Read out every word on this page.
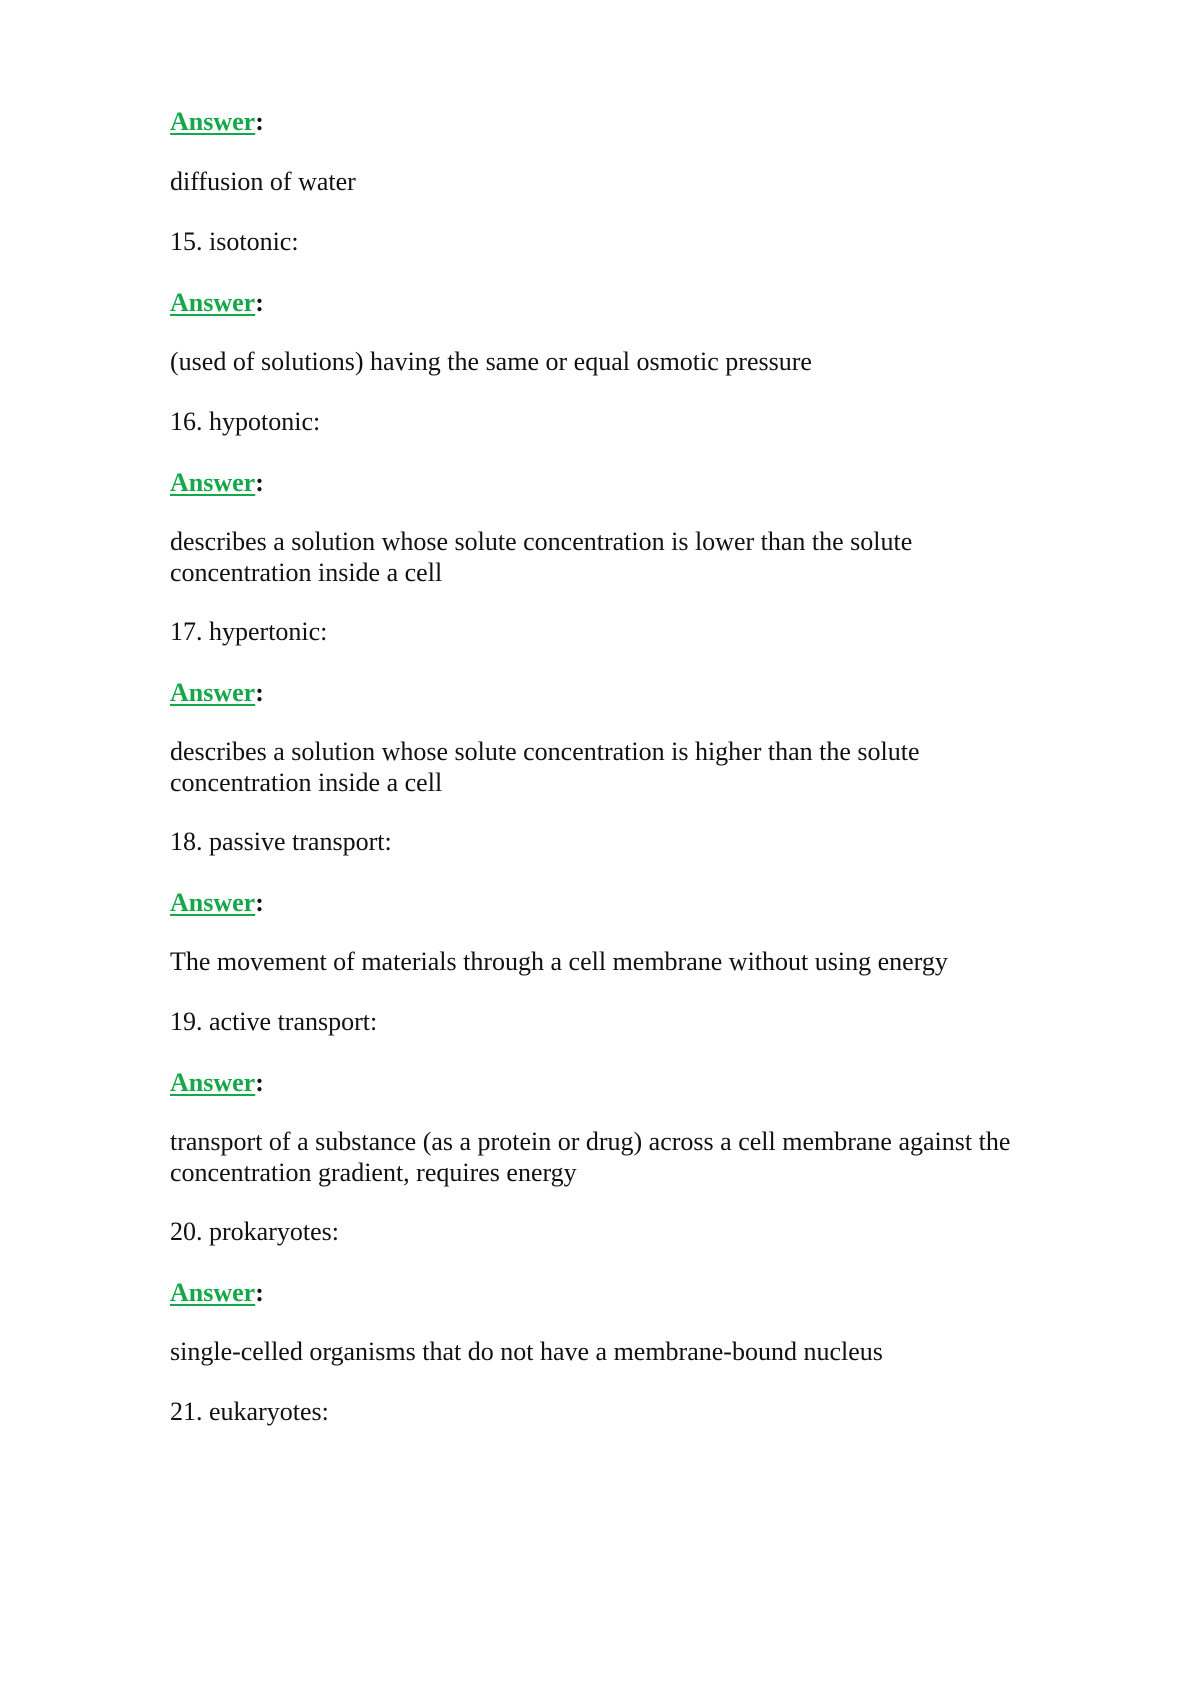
Answer:
diffusion of water
15. isotonic:
Answer:
(used of solutions) having the same or equal osmotic pressure
16. hypotonic:
Answer:
describes a solution whose solute concentration is lower than the solute
concentration inside a cell
17. hypertonic:
Answer:
describes a solution whose solute concentration is higher than the solute
concentration inside a cell
18. passive transport:
Answer:
The movement of materials through a cell membrane without using energy
19. active transport:
Answer:
transport of a substance (as a protein or drug) across a cell membrane against the
concentration gradient, requires energy
20. prokaryotes:
Answer:
single-celled organisms that do not have a membrane-bound nucleus
21. eukaryotes:
